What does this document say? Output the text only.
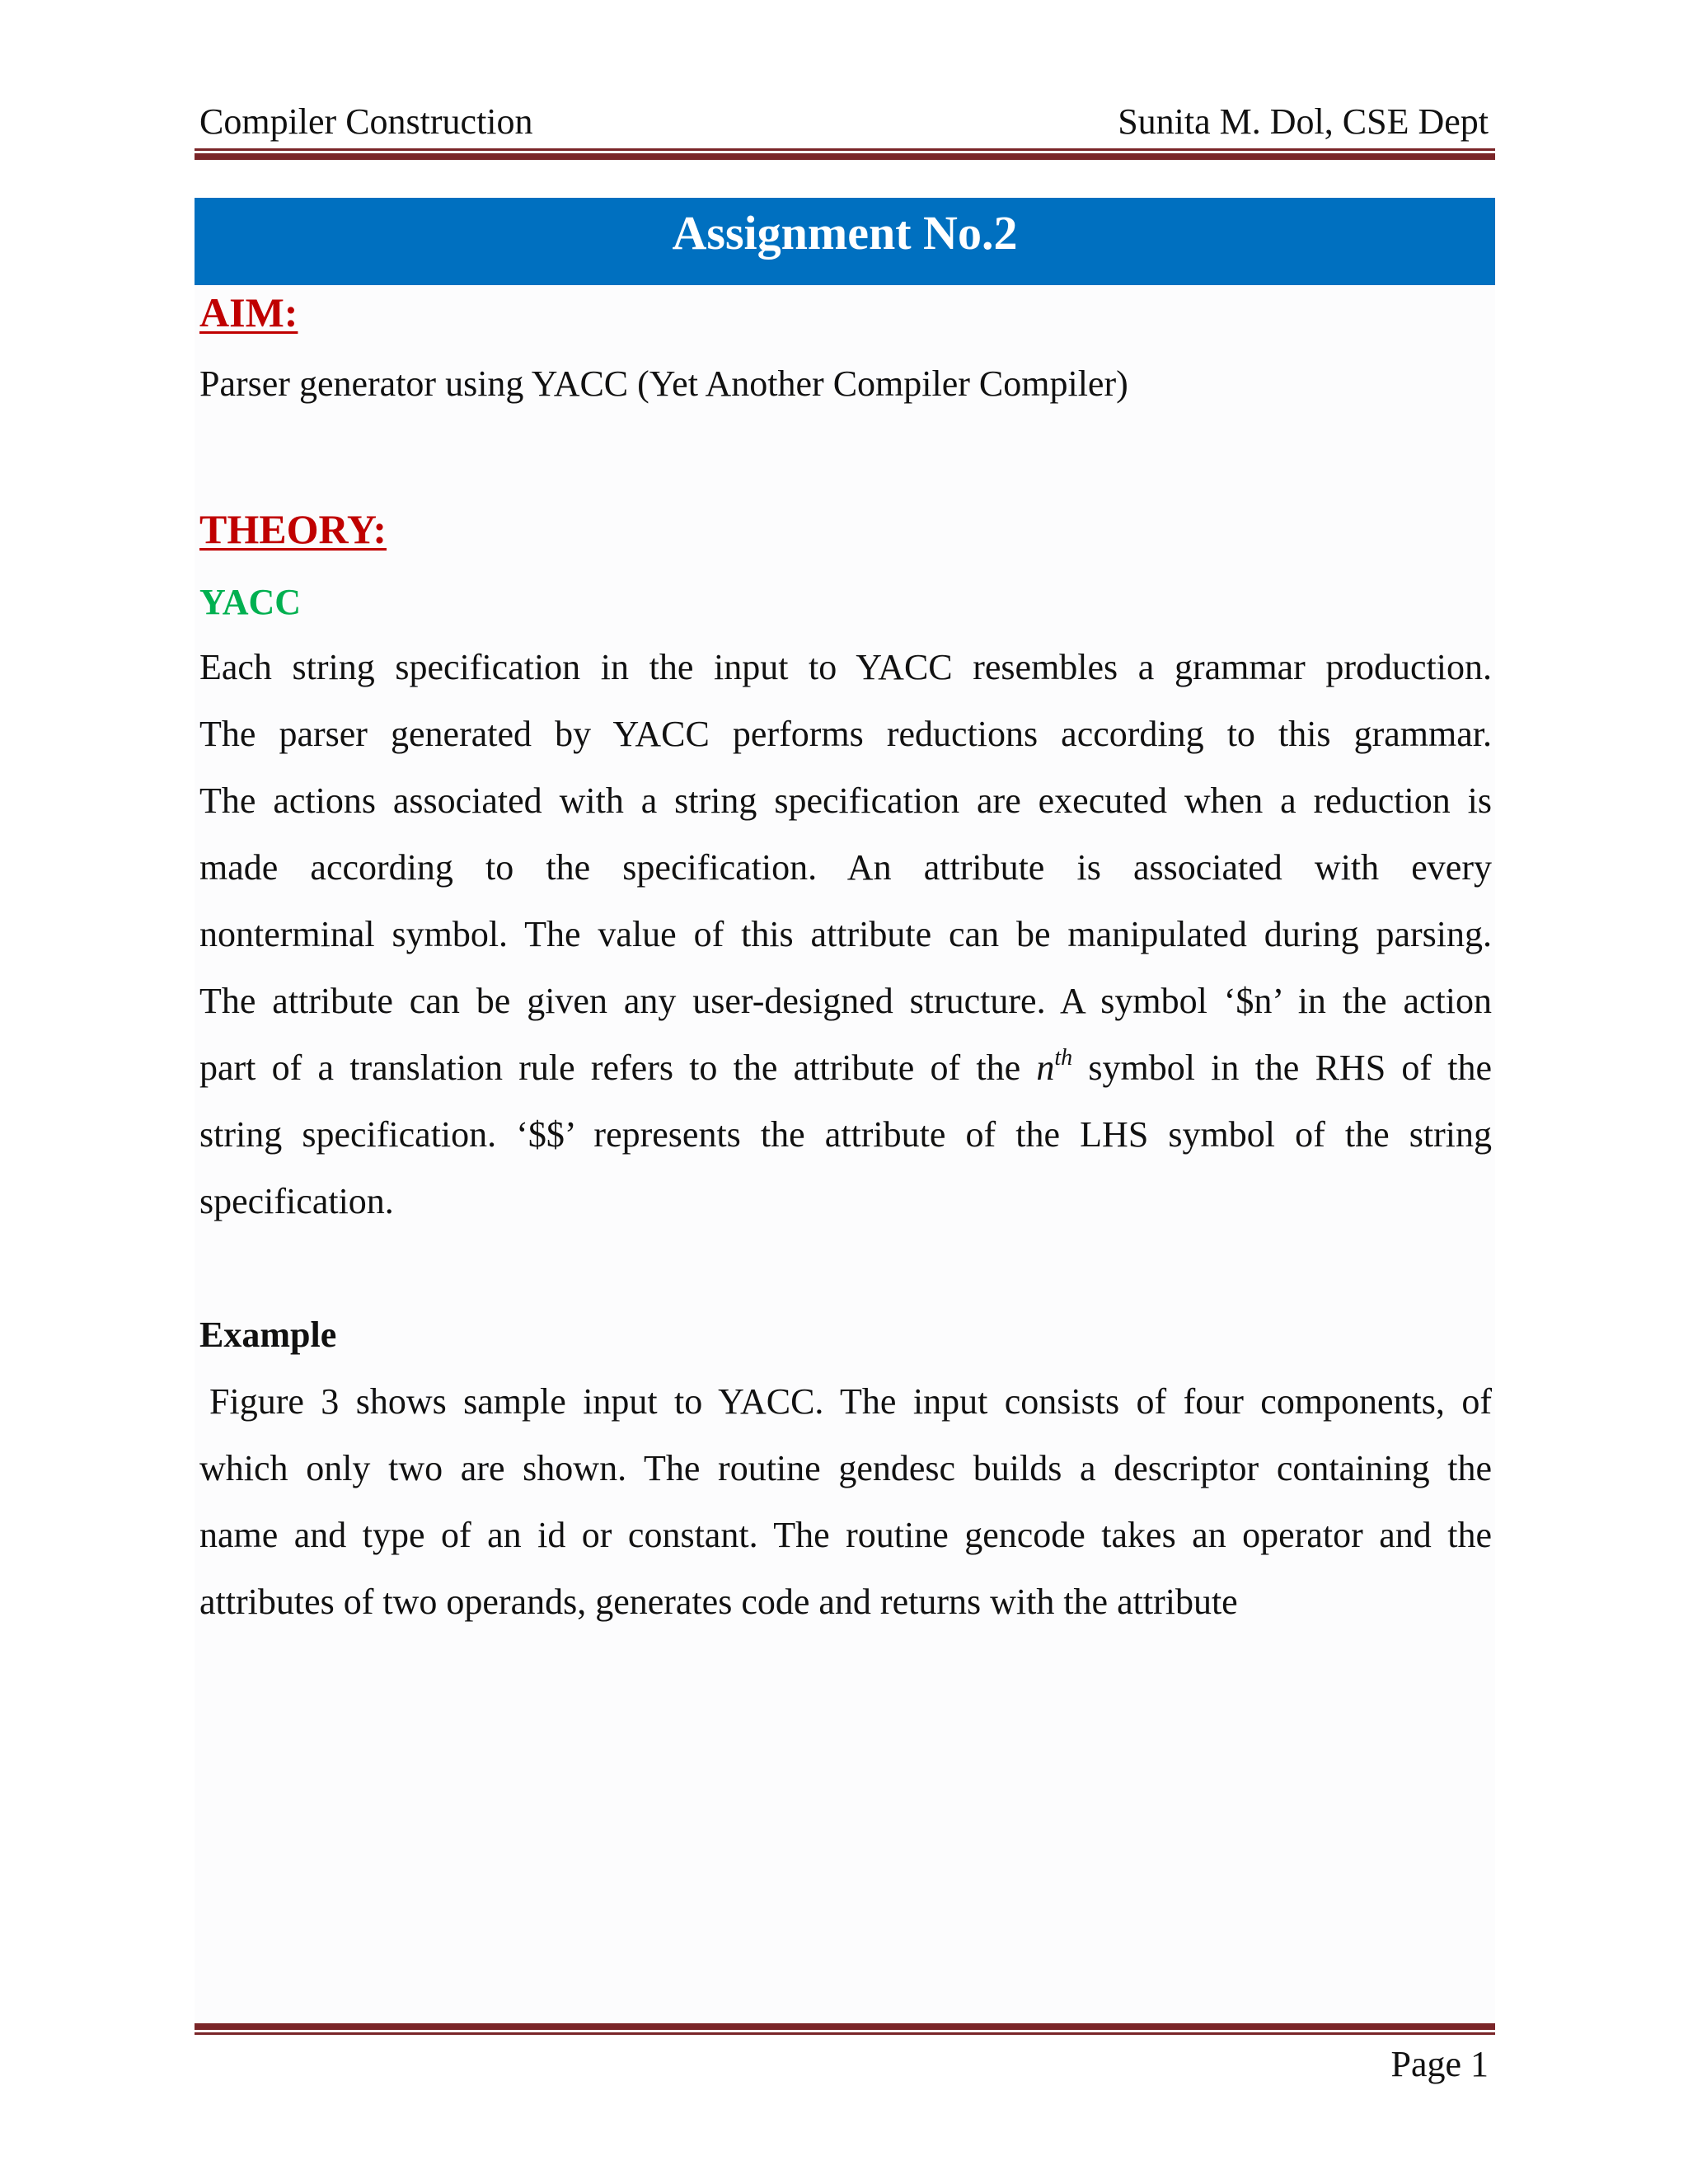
Compiler Construction	Sunita M. Dol, CSE Dept
Assignment No.2
AIM:
Parser generator using YACC (Yet Another Compiler Compiler)
THEORY:
YACC
Each string specification in the input to YACC resembles a grammar production.
The parser generated by YACC performs reductions according to this grammar.
The actions associated with a string specification are executed when a reduction is
made according to the specification. An attribute is associated with every
nonterminal symbol. The value of this attribute can be manipulated during parsing.
The attribute can be given any user-designed structure. A symbol ‘$n’ in the action
part of a translation rule refers to the attribute of the $n^{th}$ symbol in the RHS of the
string specification. ‘$$’ represents the attribute of the LHS symbol of the string
specification.
Example
Figure 3 shows sample input to YACC. The input consists of four components, of
which only two are shown. The routine gendesc builds a descriptor containing the
name and type of an id or constant. The routine gencode takes an operator and the
attributes of two operands, generates code and returns with the attribute
Page 1
